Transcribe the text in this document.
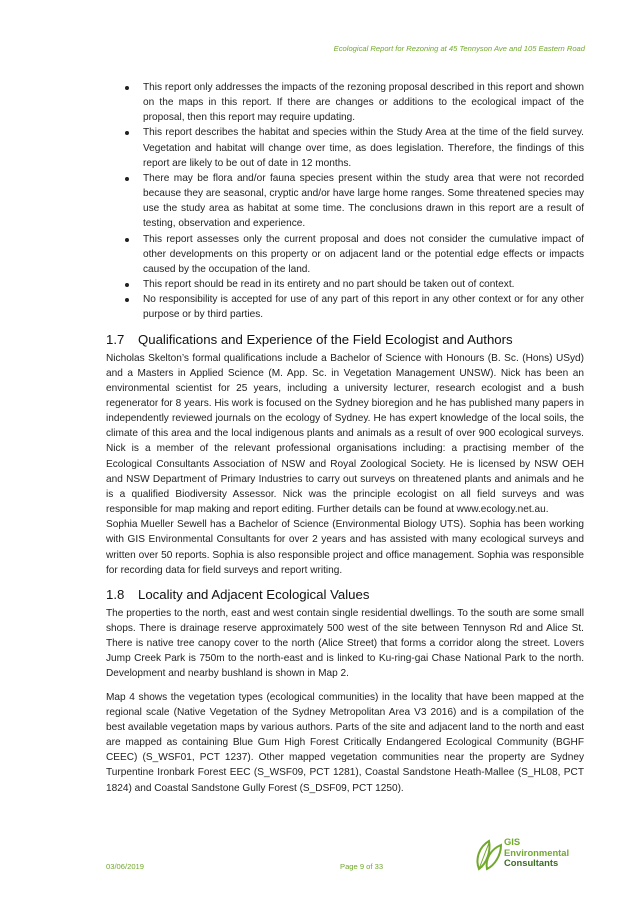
Ecological Report for Rezoning at 45 Tennyson Ave and 105 Eastern Road
This report only addresses the impacts of the rezoning proposal described in this report and shown on the maps in this report. If there are changes or additions to the ecological impact of the proposal, then this report may require updating.
This report describes the habitat and species within the Study Area at the time of the field survey. Vegetation and habitat will change over time, as does legislation. Therefore, the findings of this report are likely to be out of date in 12 months.
There may be flora and/or fauna species present within the study area that were not recorded because they are seasonal, cryptic and/or have large home ranges. Some threatened species may use the study area as habitat at some time. The conclusions drawn in this report are a result of testing, observation and experience.
This report assesses only the current proposal and does not consider the cumulative impact of other developments on this property or on adjacent land or the potential edge effects or impacts caused by the occupation of the land.
This report should be read in its entirety and no part should be taken out of context.
No responsibility is accepted for use of any part of this report in any other context or for any other purpose or by third parties.
1.7 Qualifications and Experience of the Field Ecologist and Authors

Nicholas Skelton’s formal qualifications include a Bachelor of Science with Honours (B. Sc. (Hons) USyd) and a Masters in Applied Science (M. App. Sc. in Vegetation Management UNSW). Nick has been an environmental scientist for 25 years, including a university lecturer, research ecologist and a bush regenerator for 8 years. His work is focused on the Sydney bioregion and he has published many papers in independently reviewed journals on the ecology of Sydney. He has expert knowledge of the local soils, the climate of this area and the local indigenous plants and animals as a result of over 900 ecological surveys. Nick is a member of the relevant professional organisations including: a practising member of the Ecological Consultants Association of NSW and Royal Zoological Society. He is licensed by NSW OEH and NSW Department of Primary Industries to carry out surveys on threatened plants and animals and he is a qualified Biodiversity Assessor. Nick was the principle ecologist on all field surveys and was responsible for map making and report editing. Further details can be found at www.ecology.net.au.

Sophia Mueller Sewell has a Bachelor of Science (Environmental Biology UTS). Sophia has been working with GIS Environmental Consultants for over 2 years and has assisted with many ecological surveys and written over 50 reports. Sophia is also responsible project and office management. Sophia was responsible for recording data for field surveys and report writing.

1.8 Locality and Adjacent Ecological Values

The properties to the north, east and west contain single residential dwellings. To the south are some small shops. There is drainage reserve approximately 500 west of the site between Tennyson Rd and Alice St. There is native tree canopy cover to the north (Alice Street) that forms a corridor along the street. Lovers Jump Creek Park is 750m to the north-east and is linked to Ku-ring-gai Chase National Park to the north. Development and nearby bushland is shown in Map 2.

Map 4 shows the vegetation types (ecological communities) in the locality that have been mapped at the regional scale (Native Vegetation of the Sydney Metropolitan Area V3 2016) and is a compilation of the best available vegetation maps by various authors. Parts of the site and adjacent land to the north and east are mapped as containing Blue Gum High Forest Critically Endangered Ecological Community (BGHF CEEC) (S_WSF01, PCT 1237). Other mapped vegetation communities near the property are Sydney Turpentine Ironbark Forest EEC (S_WSF09, PCT 1281), Coastal Sandstone Heath-Mallee (S_HL08, PCT 1824) and Coastal Sandstone Gully Forest (S_DSF09, PCT 1250).

03/06/2019	Page 9 of 33
GIS
Environmental
Consultants
